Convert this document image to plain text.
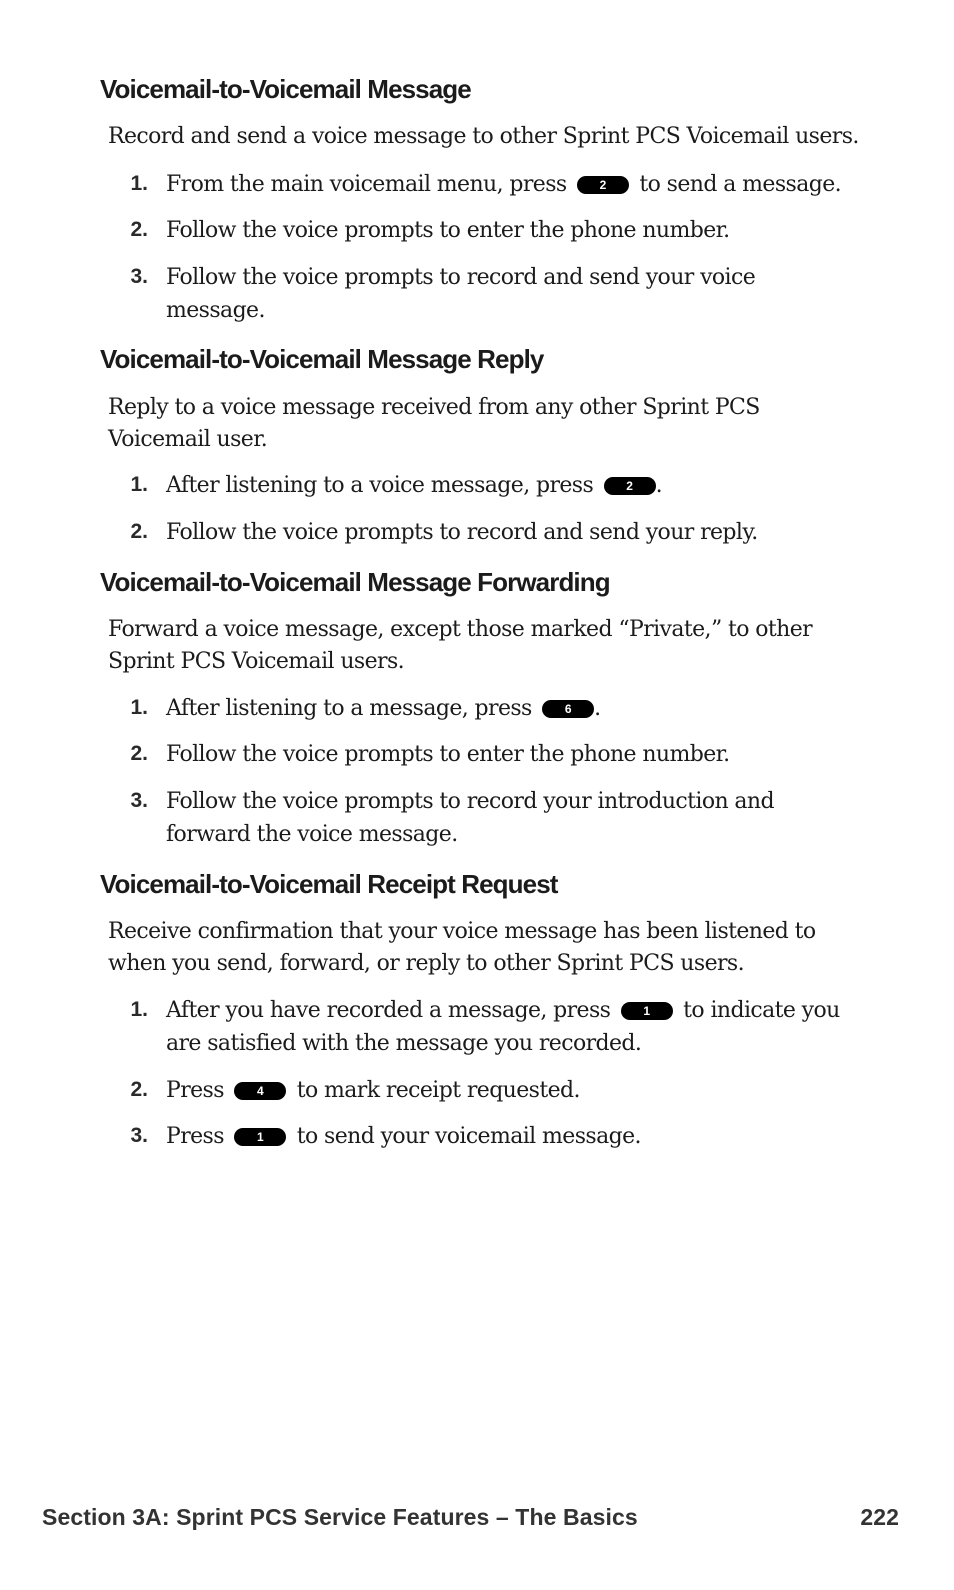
Voicemail-to-Voicemail Message

Record and send a voice message to other Sprint PCS Voicemail users.

1. From the main voicemail menu, press	2 to send a message.
2. Follow the voice prompts to enter the phone number.
3. Follow the voice prompts to record and send your voice message.
Voicemail-to-Voicemail Message Reply

Reply to a voice message received from any other Sprint PCS Voicemail user.

1. After listening to a voice message, press	2 .
2. Follow the voice prompts to record and send your reply.
Voicemail-to-Voicemail Message Forwarding

Forward a voice message, except those marked “Private,” to other Sprint PCS Voicemail users.

1. After listening to a message, press	6 .
2. Follow the voice prompts to enter the phone number.
3. Follow the voice prompts to record your introduction and forward the voice message.
Voicemail-to-Voicemail Receipt Request

Receive confirmation that your voice message has been listened to when you send, forward, or reply to other Sprint PCS users.

1. After you have recorded a message, press	1 to indicate you are satisfied with the message you recorded.
2. Press	4 to mark receipt requested.
3. Press	1 to send your voicemail message.
Section 3A: Sprint PCS Service Features – The Basics	222
